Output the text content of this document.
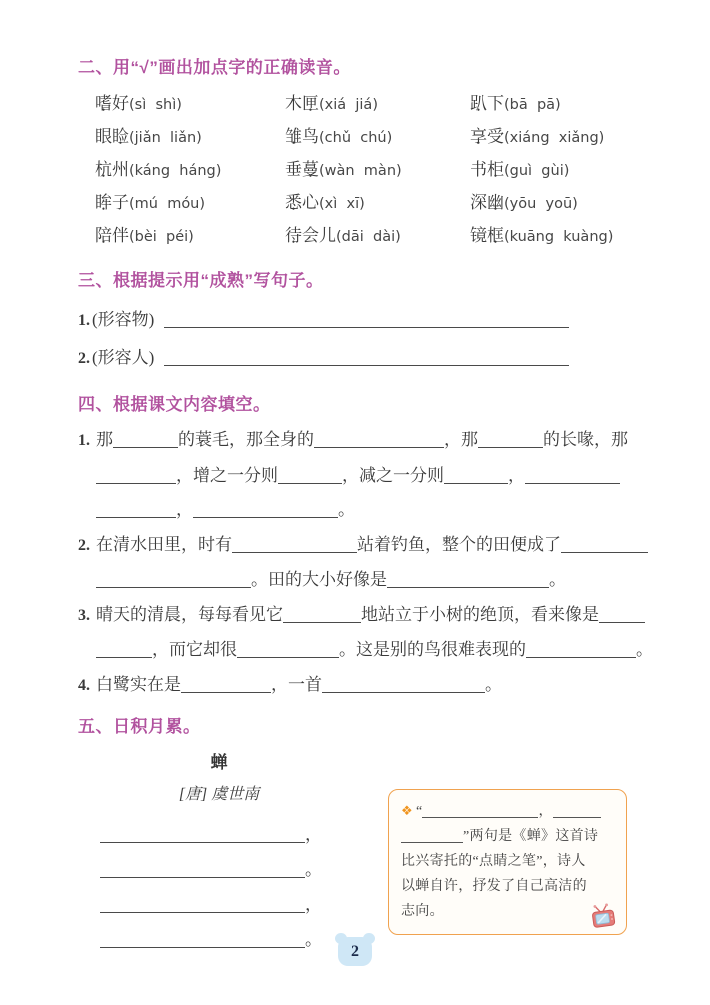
二、用“√”画出加点字的正确读音。
嗜 •好(sì  shì)	木匣 •(xiá  jiá)	趴 •下(bā  pā)
眼睑 •(jiǎn  liǎn)	雏 •鸟(chǔ  chú)	享 •受(xiáng  xiǎng)
杭 •州(káng  háng)	垂蔓 •(wàn  màn)	书柜 •(guì  gùi)
眸 •子(mú  móu)	悉 •心(xì  xī)	深幽 •(yōu  yoū)
陪 •伴(bèi  péi)	待 •会儿(dāi  dài)	镜框 •(kuāng  kuàng)
三、根据提示用“成熟”写句子。
1. (形容物)
2. (形容人)
四、根据课文内容填空。
1. 那	的蓑毛，那全身的	，那	的长喙，那
，增之一分则	，减之一分则	，
，	。
2. 在清水田里，时有	站着钓鱼，整个的田便成了
。田的大小好像是	。
3. 晴天的清晨，每每看见它	地站立于小树的绝顶，看来像是
，而它却很	。这是别的鸟很难表现的	。
4. 白鹭实在是	，一首	。
五、日积月累。
蝉
[唐] 虞世南
，
。
，
。
❖ “	，
”两句是《蝉》这首诗
比兴寄托的“点睛之笔”，诗人
以蝉自许，抒发了自己高洁的
志向。
2
